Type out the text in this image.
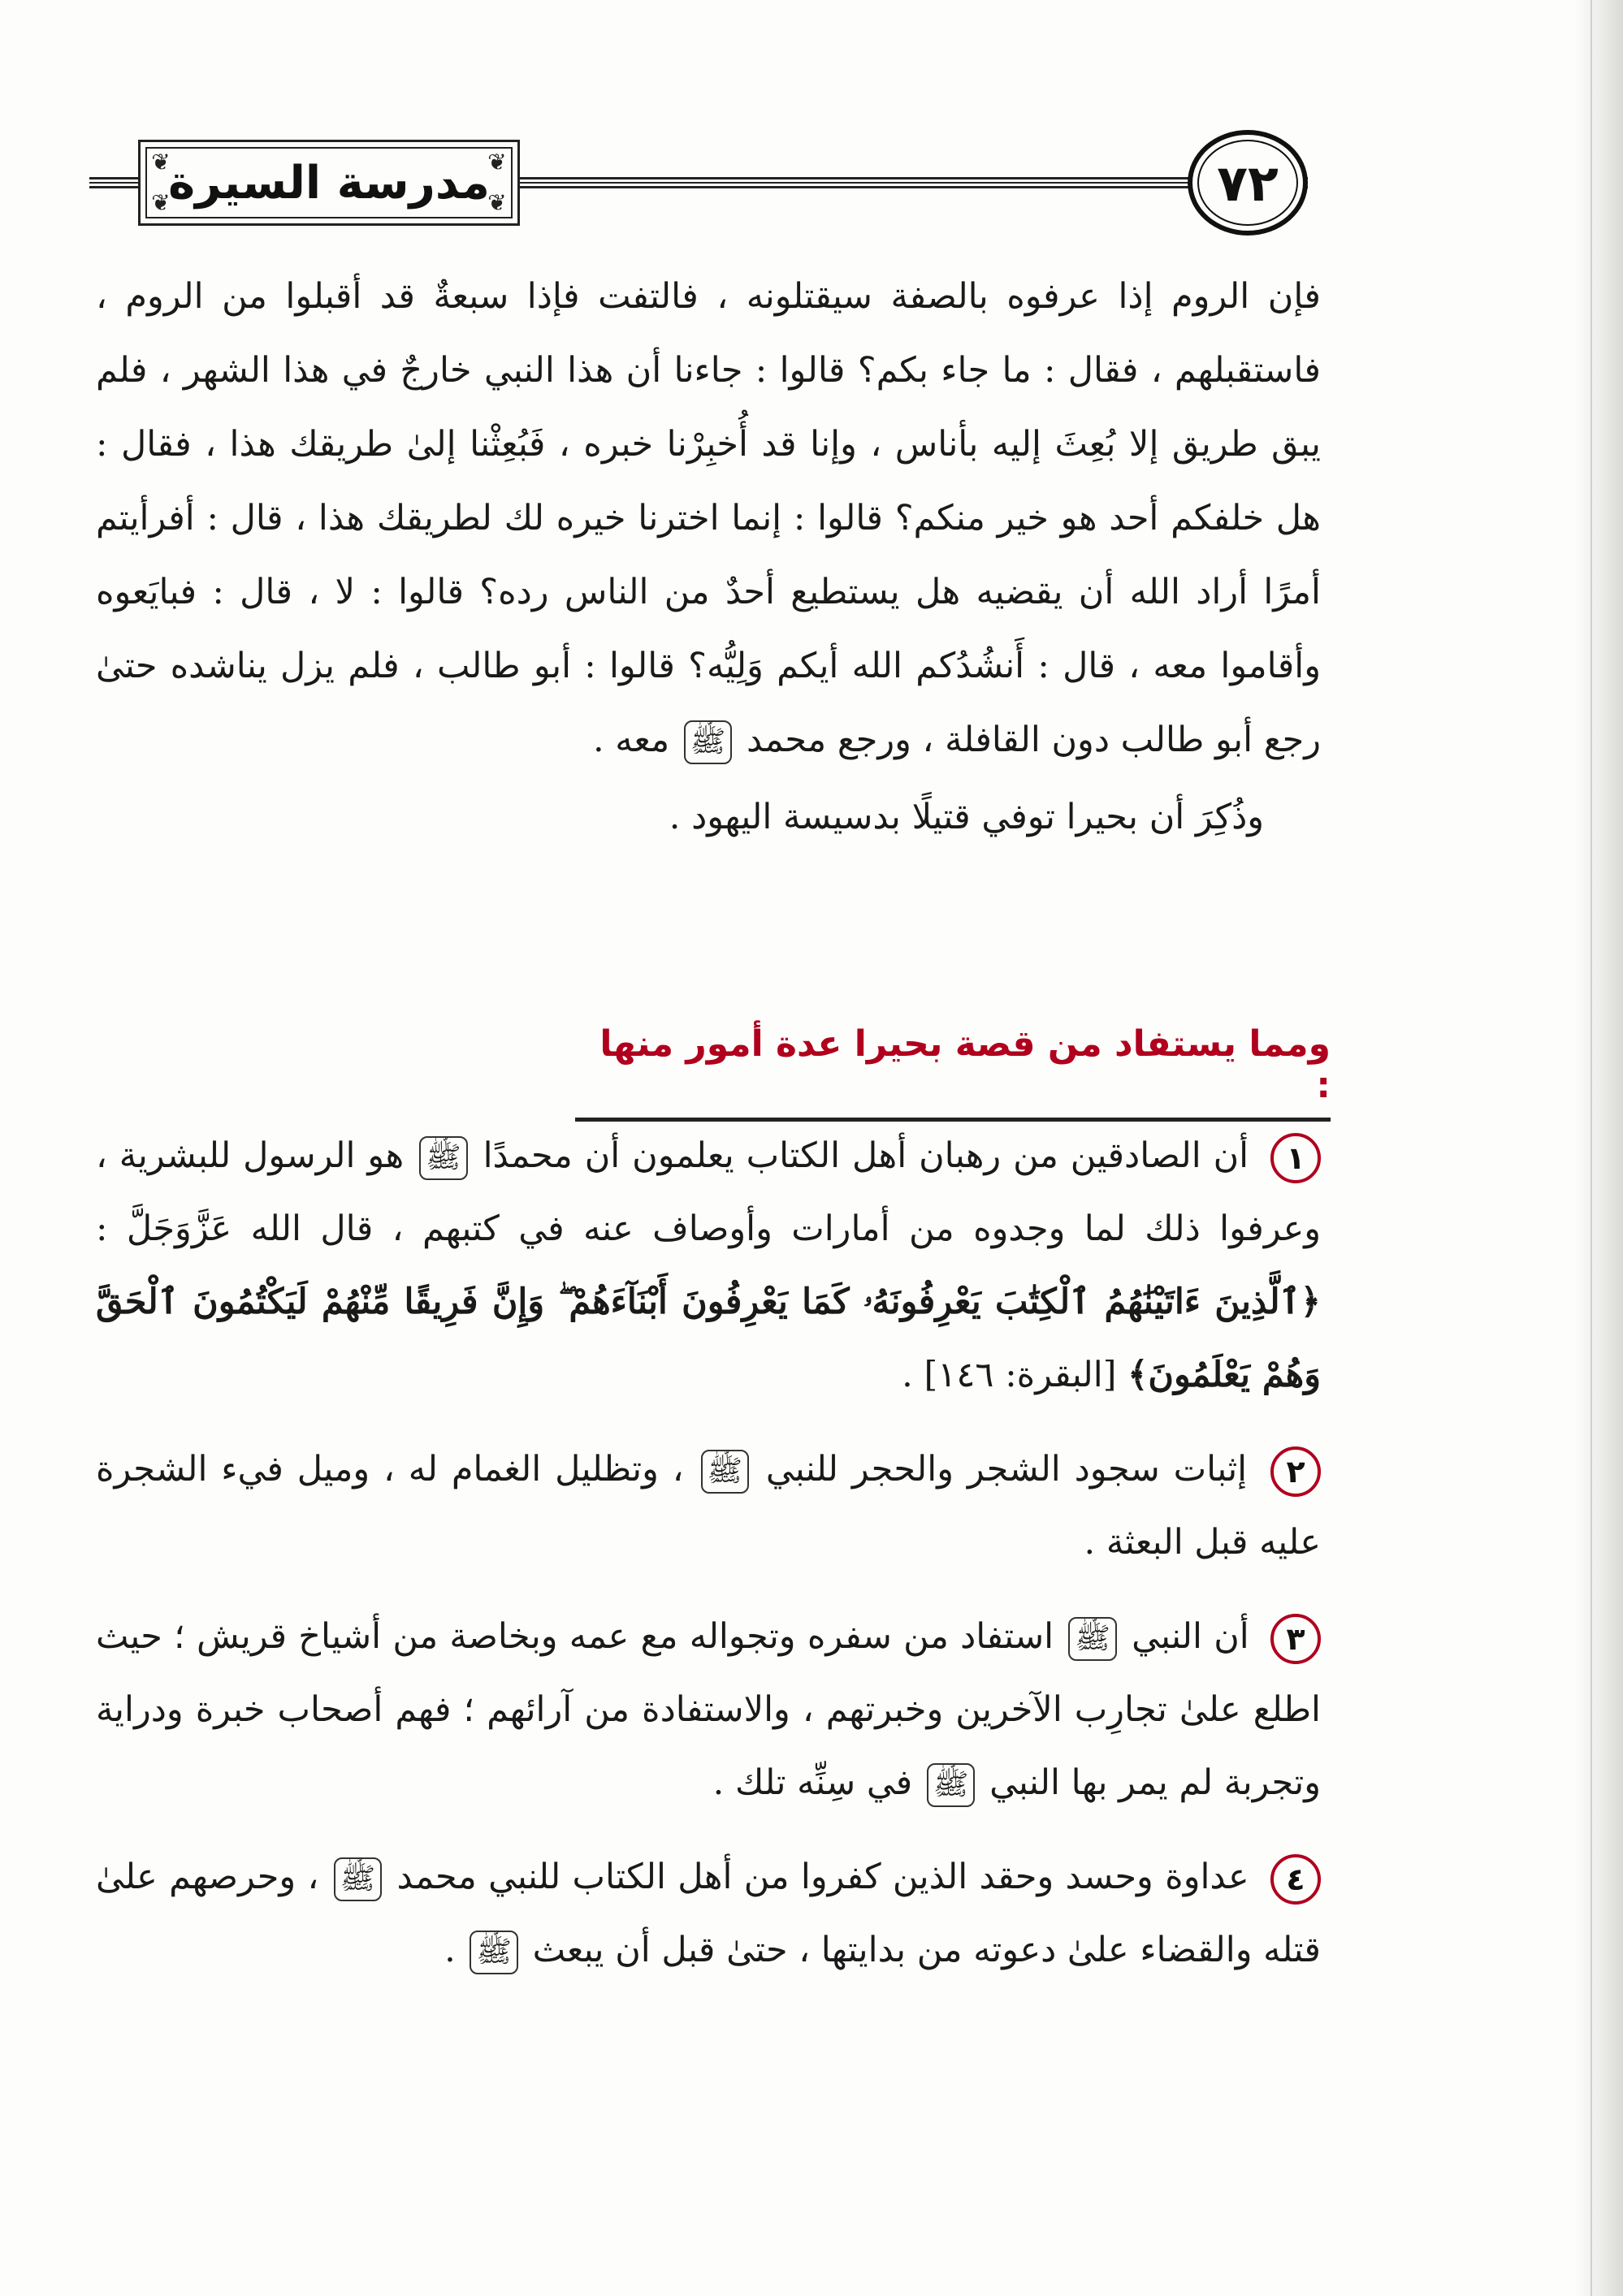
❦	❦
❦	❦
مدرسة السيرة	٧٢

فإن الروم إذا عرفوه بالصفة سيقتلونه ، فالتفت فإذا سبعةٌ قد أقبلوا من الروم ، فاستقبلهم ، فقال : ما جاء بكم؟ قالوا : جاءنا أن هذا النبي خارجٌ في هذا الشهر ، فلم يبق طريق إلا بُعِثَ إليه بأناس ، وإنا قد أُخبِرْنا خبره ، فَبُعِثْنا إلىٰ طريقك هذا ، فقال : هل خلفكم أحد هو خير منكم؟ قالوا : إنما اخترنا خيره لك لطريقك هذا ، قال : أفرأيتم أمرًا أراد الله أن يقضيه هل يستطيع أحدٌ من الناس رده؟ قالوا : لا ، قال : فبايَعوه وأقاموا معه ، قال : أَنشُدُكم الله أيكم وَلِيُّه؟ قالوا : أبو طالب ، فلم يزل يناشده حتىٰ رجع أبو طالب دون القافلة ، ورجع محمد ﷺ معه .

وذُكِرَ أن بحيرا توفي قتيلًا بدسيسة اليهود .

ومما يستفاد من قصة بحيرا عدة أمور منها :

١ أن الصادقين من رهبان أهل الكتاب يعلمون أن محمدًا ﷺ هو الرسول للبشرية ، وعرفوا ذلك لما وجدوه من أمارات وأوصاف عنه في كتبهم ، قال الله عَزَّوَجَلَّ : ﴿ٱلَّذِينَ ءَاتَيْنَٰهُمُ ٱلْكِتَٰبَ يَعْرِفُونَهُۥ كَمَا يَعْرِفُونَ أَبْنَآءَهُمْ ۖ وَإِنَّ فَرِيقًا مِّنْهُمْ لَيَكْتُمُونَ ٱلْحَقَّ وَهُمْ يَعْلَمُونَ﴾ [البقرة: ١٤٦] .

٢ إثبات سجود الشجر والحجر للنبي ﷺ ، وتظليل الغمام له ، وميل فيء الشجرة عليه قبل البعثة .

٣ أن النبي ﷺ استفاد من سفره وتجواله مع عمه وبخاصة من أشياخ قريش ؛ حيث اطلع علىٰ تجارِب الآخرين وخبرتهم ، والاستفادة من آرائهم ؛ فهم أصحاب خبرة ودراية وتجربة لم يمر بها النبي ﷺ في سِنِّه تلك .

٤ عداوة وحسد وحقد الذين كفروا من أهل الكتاب للنبي محمد ﷺ ، وحرصهم علىٰ قتله والقضاء علىٰ دعوته من بدايتها ، حتىٰ قبل أن يبعث ﷺ .
